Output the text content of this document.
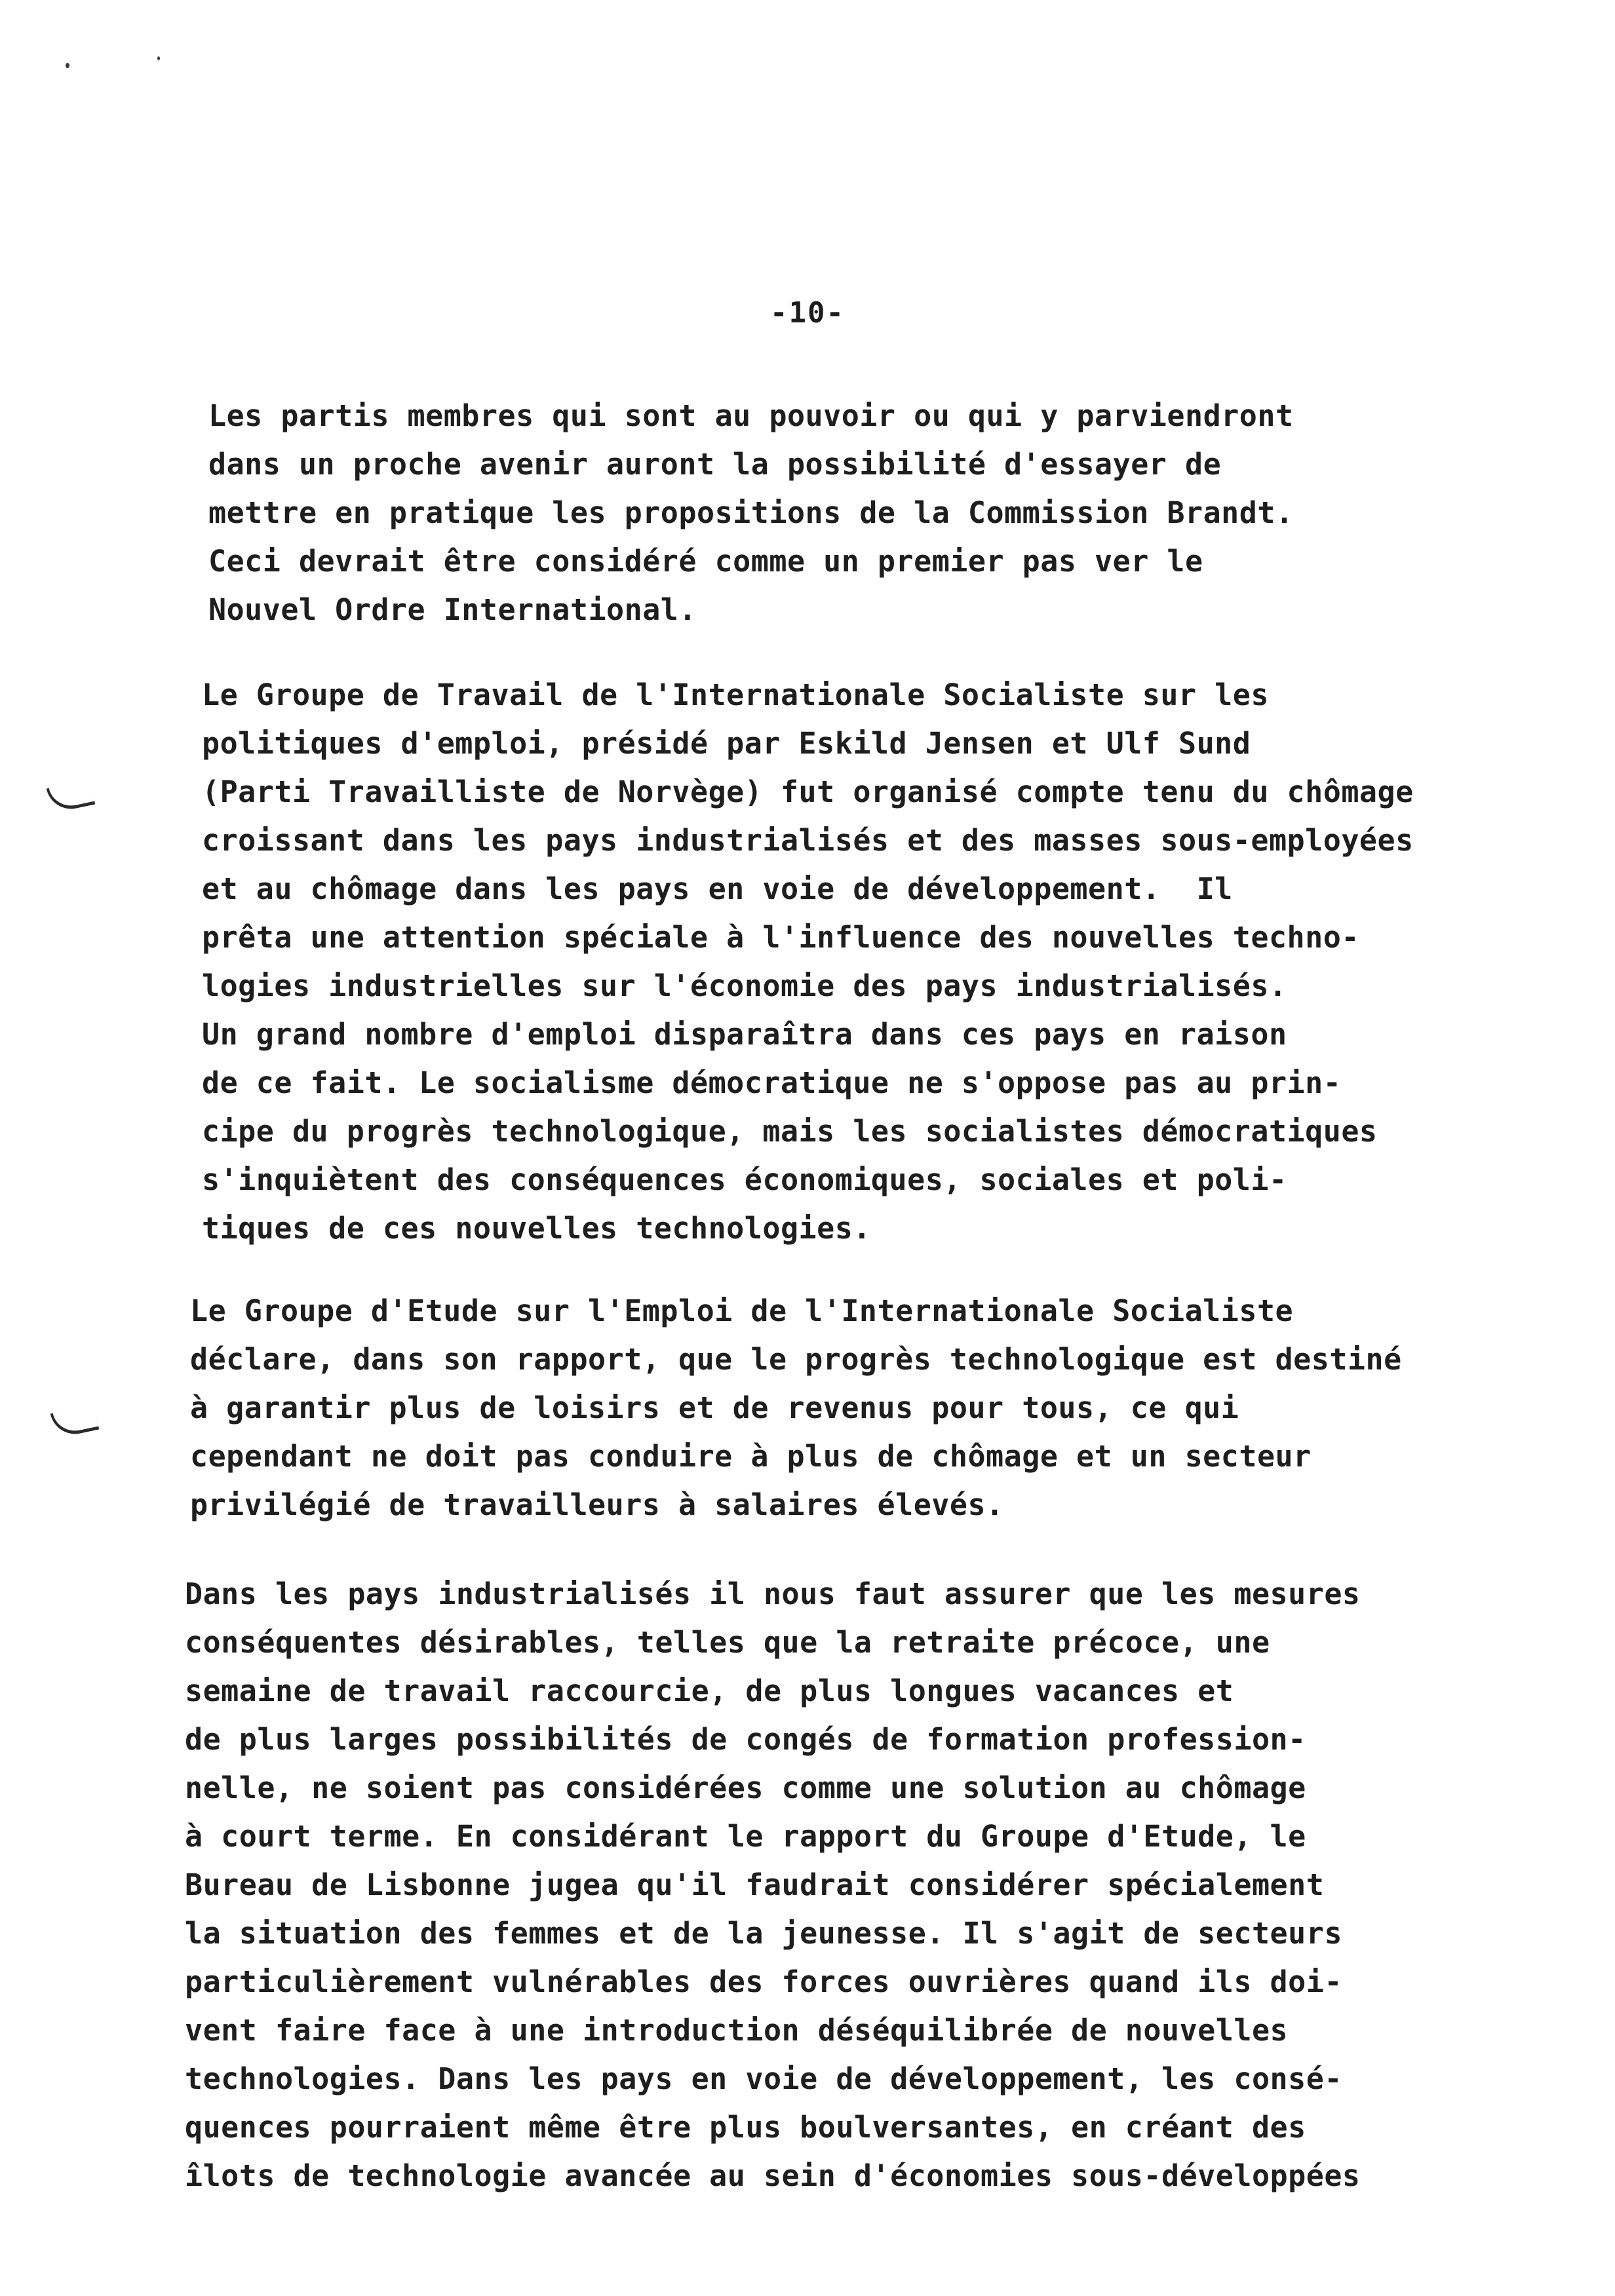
-10-
Les partis membres qui sont au pouvoir ou qui y parviendront
dans un proche avenir auront la possibilité d'essayer de
mettre en pratique les propositions de la Commission Brandt.
Ceci devrait être considéré comme un premier pas ver le
Nouvel Ordre International.
Le Groupe de Travail de l'Internationale Socialiste sur les
politiques d'emploi, présidé par Eskild Jensen et Ulf Sund
(Parti Travailliste de Norvège) fut organisé compte tenu du chômage
croissant dans les pays industrialisés et des masses sous-employées
et au chômage dans les pays en voie de développement.  Il
prêta une attention spéciale à l'influence des nouvelles techno-
logies industrielles sur l'économie des pays industrialisés.
Un grand nombre d'emploi disparaîtra dans ces pays en raison
de ce fait. Le socialisme démocratique ne s'oppose pas au prin-
cipe du progrès technologique, mais les socialistes démocratiques
s'inquiètent des conséquences économiques, sociales et poli-
tiques de ces nouvelles technologies.
Le Groupe d'Etude sur l'Emploi de l'Internationale Socialiste
déclare, dans son rapport, que le progrès technologique est destiné
à garantir plus de loisirs et de revenus pour tous, ce qui
cependant ne doit pas conduire à plus de chômage et un secteur
privilégié de travailleurs à salaires élevés.
Dans les pays industrialisés il nous faut assurer que les mesures
conséquentes désirables, telles que la retraite précoce, une
semaine de travail raccourcie, de plus longues vacances et
de plus larges possibilités de congés de formation profession-
nelle, ne soient pas considérées comme une solution au chômage
à court terme. En considérant le rapport du Groupe d'Etude, le
Bureau de Lisbonne jugea qu'il faudrait considérer spécialement
la situation des femmes et de la jeunesse. Il s'agit de secteurs
particulièrement vulnérables des forces ouvrières quand ils doi-
vent faire face à une introduction déséquilibrée de nouvelles
technologies. Dans les pays en voie de développement, les consé-
quences pourraient même être plus boulversantes, en créant des
îlots de technologie avancée au sein d'économies sous-développées
